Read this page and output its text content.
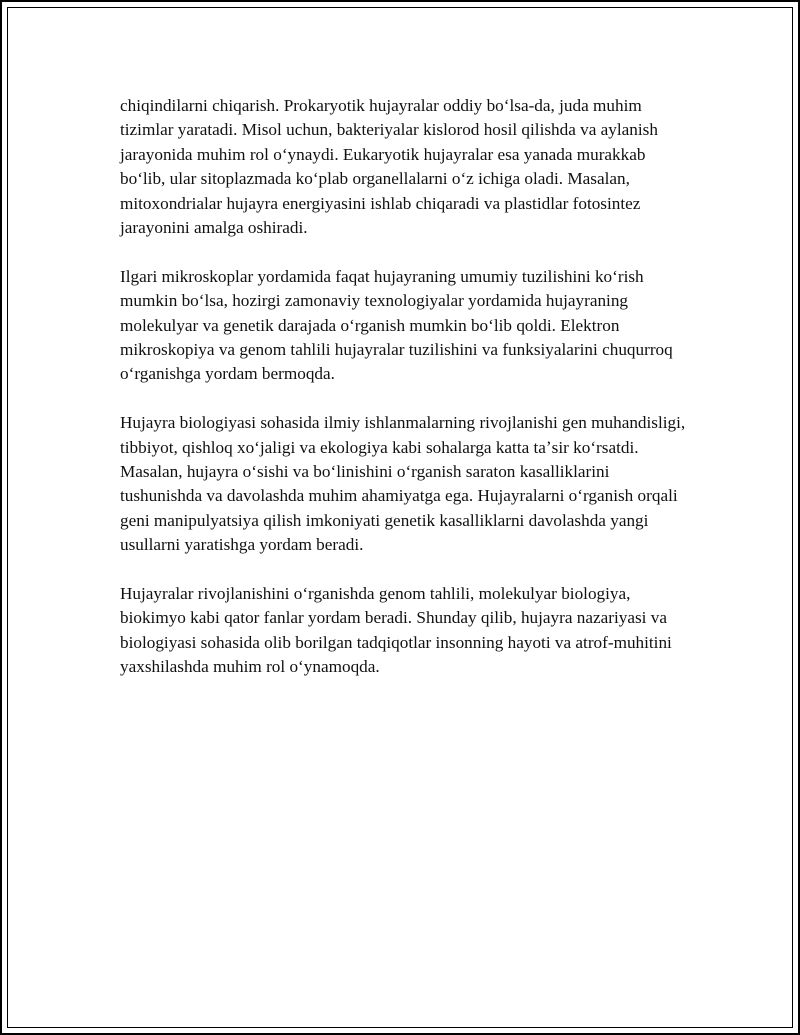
chiqindilarni chiqarish. Prokaryotik hujayralar oddiy boʻlsa-da, juda muhim tizimlar yaratadi. Misol uchun, bakteriyalar kislorod hosil qilishda va aylanish jarayonida muhim rol oʻynaydi. Eukaryotik hujayralar esa yanada murakkab boʻlib, ular sitoplazmada koʻplab organellalarni oʻz ichiga oladi. Masalan, mitoxondrialar hujayra energiyasini ishlab chiqaradi va plastidlar fotosintez jarayonini amalga oshiradi.

Ilgari mikroskoplar yordamida faqat hujayraning umumiy tuzilishini koʻrish mumkin boʻlsa, hozirgi zamonaviy texnologiyalar yordamida hujayraning molekulyar va genetik darajada oʻrganish mumkin boʻlib qoldi. Elektron mikroskopiya va genom tahlili hujayralar tuzilishini va funksiyalarini chuqurroq oʻrganishga yordam bermoqda.

Hujayra biologiyasi sohasida ilmiy ishlanmalarning rivojlanishi gen muhandisligi, tibbiyot, qishloq xoʻjaligi va ekologiya kabi sohalarga katta taʼsir koʻrsatdi. Masalan, hujayra oʻsishi va boʻlinishini oʻrganish saraton kasalliklarini tushunishda va davolashda muhim ahamiyatga ega. Hujayralarni oʻrganish orqali geni manipulyatsiya qilish imkoniyati genetik kasalliklarni davolashda yangi usullarni yaratishga yordam beradi.

Hujayralar rivojlanishini oʻrganishda genom tahlili, molekulyar biologiya, biokimyo kabi qator fanlar yordam beradi. Shunday qilib, hujayra nazariyasi va biologiyasi sohasida olib borilgan tadqiqotlar insonning hayoti va atrof-muhitini yaxshilashda muhim rol oʻynamoqda.
